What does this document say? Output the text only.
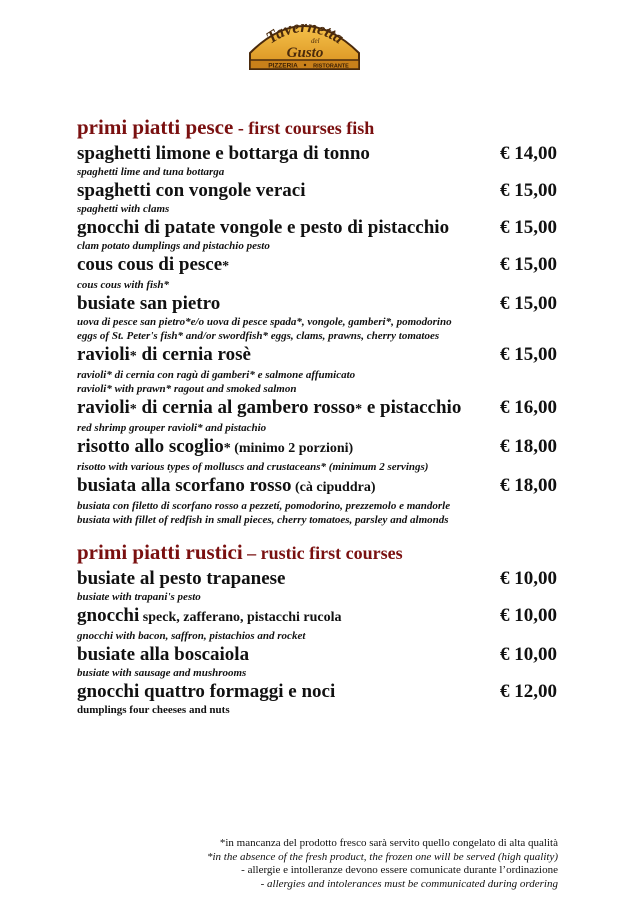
Tavernetta
del
Gusto
PIZZERIA	RISTORANTE
primi piatti pesce - first courses fish
spaghetti limone e bottarga di tonno	€ 14,00
spaghetti lime and tuna bottarga
spaghetti con vongole veraci	€ 15,00
spaghetti with clams
gnocchi di patate vongole e pesto di pistacchio	€ 15,00
clam potato dumplings and pistachio pesto
cous cous di pesce*	€ 15,00
cous cous with fish*
busiate san pietro	€ 15,00
uova di pesce san pietro*e/o uova di pesce spada*, vongole, gamberi*, pomodorino
eggs of St. Peter's fish* and/or swordfish* eggs, clams, prawns, cherry tomatoes
ravioli* di cernia rosè	€ 15,00
ravioli* di cernia con ragù di gamberi* e salmone affumicato
ravioli* with prawn* ragout and smoked salmon
ravioli* di cernia al gambero rosso* e pistacchio € 16,00
red shrimp grouper ravioli* and pistachio
risotto allo scoglio* (minimo 2 porzioni)	€ 18,00
risotto with various types of molluscs and crustaceans* (minimum 2 servings)
busiata alla scorfano rosso (cà cipuddra)	€ 18,00
busiata con filetto di scorfano rosso a pezzetí, pomodorino, prezzemolo e mandorle
busiata with fillet of redfish in small pieces, cherry tomatoes, parsley and almonds
primi piatti rustici – rustic first courses
busiate al pesto trapanese	€ 10,00
busiate with trapani's pesto
gnocchi speck, zafferano, pistacchi rucola	€ 10,00
gnocchi with bacon, saffron, pistachios and rocket
busiate alla boscaiola	€ 10,00
busiate with sausage and mushrooms
gnocchi quattro formaggi e noci	€ 12,00
dumplings four cheeses and nuts
*in mancanza del prodotto fresco sarà servito quello congelato di alta qualità
*in the absence of the fresh product, the frozen one will be served (high quality)
- allergie e intolleranze devono essere comunicate durante l’ordinazione
- allergies and intolerances must be communicated during ordering
